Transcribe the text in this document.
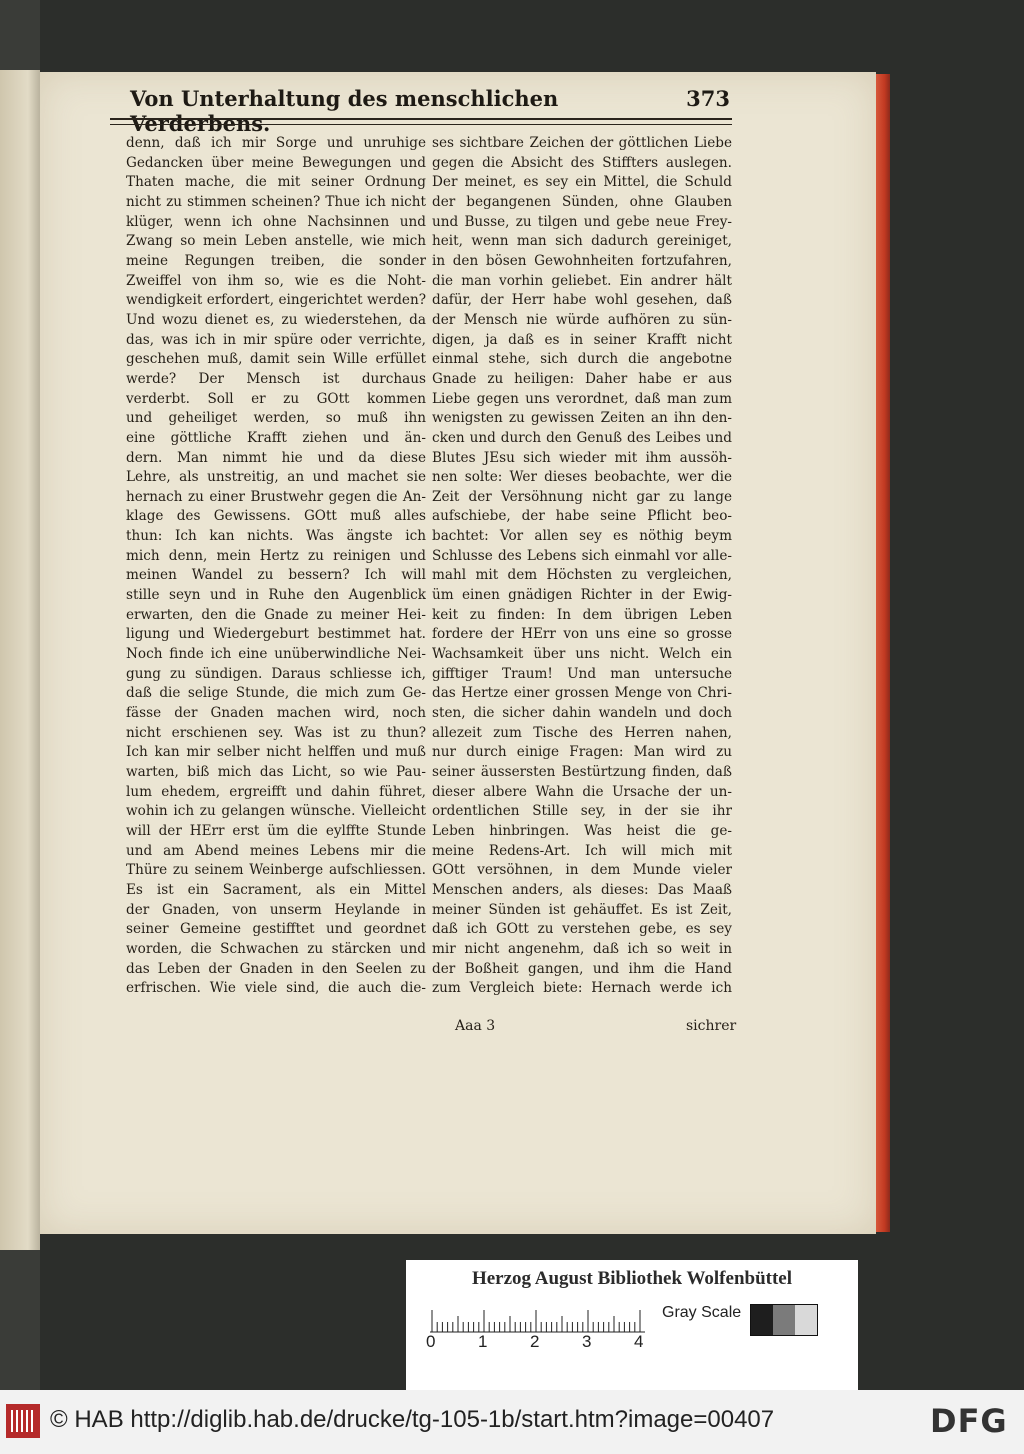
Von Unterhaltung des menschlichen Verderbens.
373
denn, daß ich mir Sorge und unruhige
Gedancken über meine Bewegungen und
Thaten mache, die mit seiner Ordnung
nicht zu stimmen scheinen? Thue ich nicht
klüger, wenn ich ohne Nachsinnen und
Zwang so mein Leben anstelle, wie mich
meine Regungen treiben, die sonder
Zweiffel von ihm so, wie es die Noht-
wendigkeit erfordert, eingerichtet werden?
Und wozu dienet es, zu wiederstehen, da
das, was ich in mir spüre oder verrichte,
geschehen muß, damit sein Wille erfüllet
werde? Der Mensch ist durchaus
verderbt. Soll er zu GOtt kommen
und geheiliget werden, so muß ihn
eine göttliche Krafft ziehen und än-
dern. Man nimmt hie und da diese
Lehre, als unstreitig, an und machet sie
hernach zu einer Brustwehr gegen die An-
klage des Gewissens. GOtt muß alles
thun: Ich kan nichts. Was ängste ich
mich denn, mein Hertz zu reinigen und
meinen Wandel zu bessern? Ich will
stille seyn und in Ruhe den Augenblick
erwarten, den die Gnade zu meiner Hei-
ligung und Wiedergeburt bestimmet hat.
Noch finde ich eine unüberwindliche Nei-
gung zu sündigen. Daraus schliesse ich,
daß die selige Stunde, die mich zum Ge-
fässe der Gnaden machen wird, noch
nicht erschienen sey. Was ist zu thun?
Ich kan mir selber nicht helffen und muß
warten, biß mich das Licht, so wie Pau-
lum ehedem, ergreifft und dahin führet,
wohin ich zu gelangen wünsche. Vielleicht
will der HErr erst üm die eylffte Stunde
und am Abend meines Lebens mir die
Thüre zu seinem Weinberge aufschliessen.
Es ist ein Sacrament, als ein Mittel
der Gnaden, von unserm Heylande in
seiner Gemeine gestifftet und geordnet
worden, die Schwachen zu stärcken und
das Leben der Gnaden in den Seelen zu
erfrischen. Wie viele sind, die auch die-
ses sichtbare Zeichen der göttlichen Liebe
gegen die Absicht des Stiffters auslegen.
Der meinet, es sey ein Mittel, die Schuld
der begangenen Sünden, ohne Glauben
und Busse, zu tilgen und gebe neue Frey-
heit, wenn man sich dadurch gereiniget,
in den bösen Gewohnheiten fortzufahren,
die man vorhin geliebet. Ein andrer hält
dafür, der Herr habe wohl gesehen, daß
der Mensch nie würde aufhören zu sün-
digen, ja daß es in seiner Krafft nicht
einmal stehe, sich durch die angebotne
Gnade zu heiligen: Daher habe er aus
Liebe gegen uns verordnet, daß man zum
wenigsten zu gewissen Zeiten an ihn den-
cken und durch den Genuß des Leibes und
Blutes JEsu sich wieder mit ihm aussöh-
nen solte: Wer dieses beobachte, wer die
Zeit der Versöhnung nicht gar zu lange
aufschiebe, der habe seine Pflicht beo-
bachtet: Vor allen sey es nöthig beym
Schlusse des Lebens sich einmahl vor alle-
mahl mit dem Höchsten zu vergleichen,
üm einen gnädigen Richter in der Ewig-
keit zu finden: In dem übrigen Leben
fordere der HErr von uns eine so grosse
Wachsamkeit über uns nicht. Welch ein
gifftiger Traum! Und man untersuche
das Hertze einer grossen Menge von Chri-
sten, die sicher dahin wandeln und doch
allezeit zum Tische des Herren nahen,
nur durch einige Fragen: Man wird zu
seiner äussersten Bestürtzung finden, daß
dieser albere Wahn die Ursache der un-
ordentlichen Stille sey, in der sie ihr
Leben hinbringen. Was heist die ge-
meine Redens-Art. Ich will mich mit
GOtt versöhnen, in dem Munde vieler
Menschen anders, als dieses: Das Maaß
meiner Sünden ist gehäuffet. Es ist Zeit,
daß ich GOtt zu verstehen gebe, es sey
mir nicht angenehm, daß ich so weit in
der Boßheit gangen, und ihm die Hand
zum Vergleich biete: Hernach werde ich
Aaa 3	sichrer
Herzog August Bibliothek Wolfenbüttel
0	1	2	3	4
Gray Scale
© HAB http://diglib.hab.de/drucke/tg-105-1b/start.htm?image=00407	DFG
